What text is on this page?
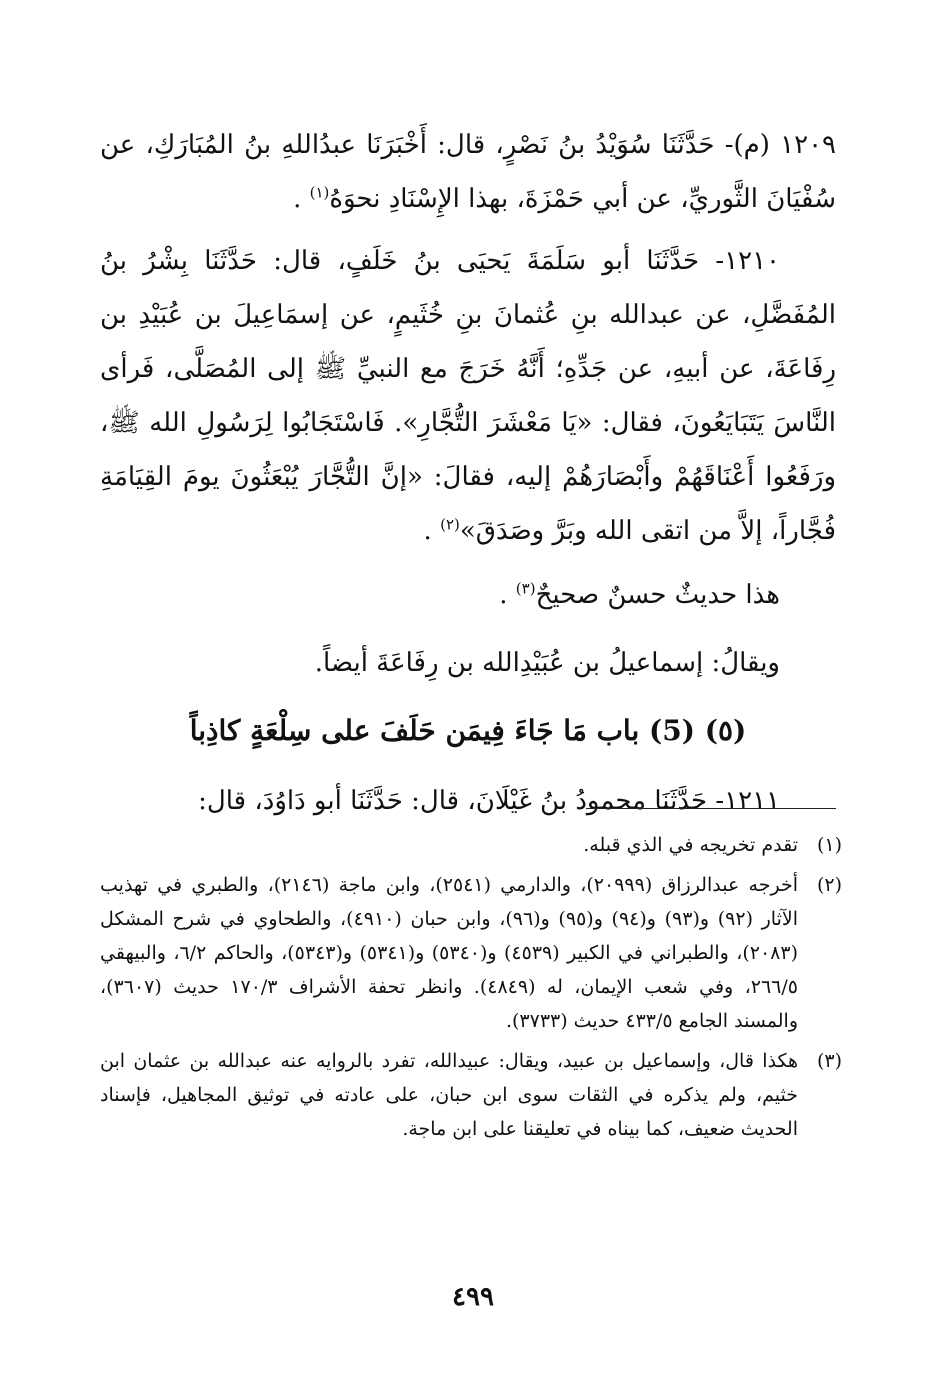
١٢٠٩ (م)- حَدَّثَنَا سُوَيْدُ بنُ نَصْرٍ، قال: أَخْبَرَنَا عبدُاللهِ بنُ المُبَارَكِ، عن سُفْيَانَ الثَّوريِّ، عن أبي حَمْزَةَ، بهذا الإِسْنَادِ نحوَهُ$^{(١)}$ .

١٢١٠- حَدَّثَنَا أبو سَلَمَةَ يَحيَى بنُ خَلَفٍ، قال: حَدَّثَنَا بِشْرُ بنُ المُفَضَّلِ، عن عبدالله بنِ عُثمانَ بنِ خُثَيمٍ، عن إسمَاعِيلَ بن عُبَيْدِ بن رِفَاعَةَ، عن أبيهِ، عن جَدِّهِ؛ أَنَّهُ خَرَجَ مع النبيِّ ﷺ إلى المُصَلَّى، فَرأى النَّاسَ يَتَبَايَعُونَ، فقال: «يَا مَعْشَرَ التُّجَّارِ». فَاسْتَجَابُوا لِرَسُولِ الله ﷺ، ورَفَعُوا أَعْنَاقَهُمْ وأَبْصَارَهُمْ إليه، فقالَ: «إنَّ التُّجَّارَ يُبْعَثُونَ يومَ القِيَامَةِ فُجَّاراً، إلاَّ من اتقى الله وبَرَّ وصَدَقَ»$^{(٢)}$ .

هذا حديثٌ حسنٌ صحيحٌ$^{(٣)}$ .

ويقالُ: إسماعيلُ بن عُبَيْدِالله بن رِفَاعَةَ أيضاً.

(٥) (5) باب مَا جَاءَ فِيمَن حَلَفَ على سِلْعَةٍ كاذِباً

١٢١١- حَدَّثَنَا محمودُ بنُ غَيْلَانَ، قال: حَدَّثَنَا أبو دَاوُدَ، قال:

(١)
تقدم تخريجه في الذي قبله.
(٢)
أخرجه عبدالرزاق (٢٠٩٩٩)، والدارمي (٢٥٤١)، وابن ماجة (٢١٤٦)، والطبري في تهذيب الآثار (٩٢) و(٩٣) و(٩٤) و(٩٥) و(٩٦)، وابن حبان (٤٩١٠)، والطحاوي في شرح المشكل (٢٠٨٣)، والطبراني في الكبير (٤٥٣٩) و(٥٣٤٠) و(٥٣٤١) و(٥٣٤٣)، والحاكم ٦/٢، والبيهقي ٢٦٦/٥، وفي شعب الإيمان، له (٤٨٤٩). وانظر تحفة الأشراف ١٧٠/٣ حديث (٣٦٠٧)، والمسند الجامع ٤٣٣/٥ حديث (٣٧٣٣).
(٣)
هكذا قال، وإسماعيل بن عبيد، ويقال: عبيدالله، تفرد بالروايه عنه عبدالله بن عثمان ابن خثيم، ولم يذكره في الثقات سوى ابن حبان، على عادته في توثيق المجاهيل، فإسناد الحديث ضعيف، كما بيناه في تعليقنا على ابن ماجة.
٤٩٩
